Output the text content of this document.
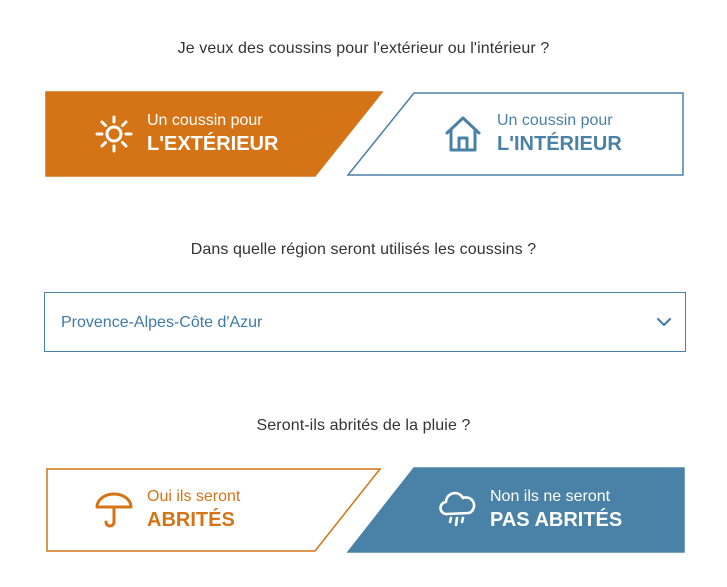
Je veux des coussins pour l'extérieur ou l'intérieur ?
Un coussin pour
L'EXTÉRIEUR
Un coussin pour
L'INTÉRIEUR
Dans quelle région seront utilisés les coussins ?
Provence-Alpes-Côte d'Azur
Seront-ils abrités de la pluie ?
Oui ils seront
ABRITÉS
Non ils ne seront
PAS ABRITÉS
